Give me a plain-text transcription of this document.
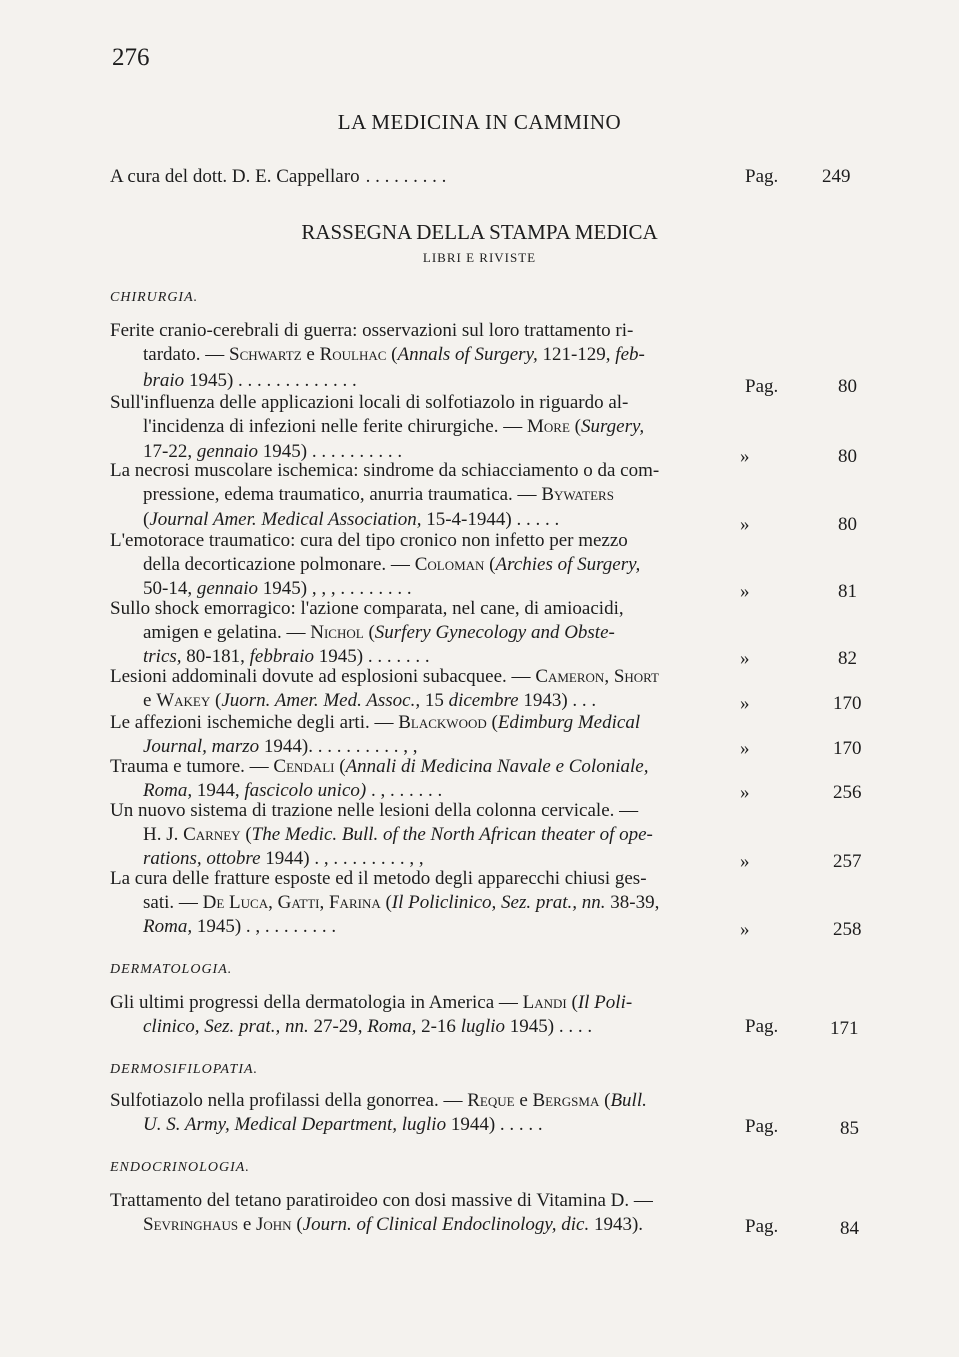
276
LA MEDICINA IN CAMMINO
A cura del dott. D. E. Cappellaro . . . . . . . . .	Pag. 249
RASSEGNA DELLA STAMPA MEDICA
LIBRI E RIVISTE
CHIRURGIA.
Ferite cranio-cerebrali di guerra: osservazioni sul loro trattamento ri-
tardato. — Schwartz e Roulhac (Annals of Surgery, 121-129, feb-
braio 1945) . . . . . . . . . . . . .	Pag.	80
Sull'influenza delle applicazioni locali di solfotiazolo in riguardo al-
l'incidenza di infezioni nelle ferite chirurgiche. — More (Surgery,
17-22, gennaio 1945) . . . . . . . . . .	»	80
La necrosi muscolare ischemica: sindrome da schiacciamento o da com-
pressione, edema traumatico, anurria traumatica. — Bywaters
(Journal Amer. Medical Association, 15-4-1944) . . . . .	»	80
L'emotorace traumatico: cura del tipo cronico non infetto per mezzo
della decorticazione polmonare. — Coloman (Archies of Surgery,
50-14, gennaio 1945) , , , . . . . . . . .	»	81
Sullo shock emorragico: l'azione comparata, nel cane, di amioacidi,
amigen e gelatina. — Nichol (Surfery Gynecology and Obste-
trics, 80-181, febbraio 1945) . . . . . . .	»	82
Lesioni addominali dovute ad esplosioni subacquee. — Cameron, Short
e Wakey (Juorn. Amer. Med. Assoc., 15 dicembre 1943) . . .	»	170
Le affezioni ischemiche degli arti. — Blackwood (Edimburg Medical
Journal, marzo 1944). . . . . . . . . . , ,	»	170
Trauma e tumore. — Cendali (Annali di Medicina Navale e Coloniale,
Roma, 1944, fascicolo unico) . , . . . . . .	»	256
Un nuovo sistema di trazione nelle lesioni della colonna cervicale. —
H. J. Carney (The Medic. Bull. of the North African theater of ope-
rations, ottobre 1944) . , . . . . . . . . , ,	»	257
La cura delle fratture esposte ed il metodo degli apparecchi chiusi ges-
sati. — De Luca, Gatti, Farina (Il Policlinico, Sez. prat., nn. 38-39,
Roma, 1945) . , . . . . . . . .	»	258
DERMATOLOGIA.
Gli ultimi progressi della dermatologia in America — Landi (Il Poli-
clinico, Sez. prat., nn. 27-29, Roma, 2-16 luglio 1945) . . . .	Pag.	171
DERMOSIFILOPATIA.
Sulfotiazolo nella profilassi della gonorrea. — Reque e Bergsma (Bull.
U. S. Army, Medical Department, luglio 1944) . . . . .	Pag.	85
ENDOCRINOLOGIA.
Trattamento del tetano paratiroideo con dosi massive di Vitamina D. —
Sevringhaus e John (Journ. of Clinical Endoclinology, dic. 1943).	Pag.	84
